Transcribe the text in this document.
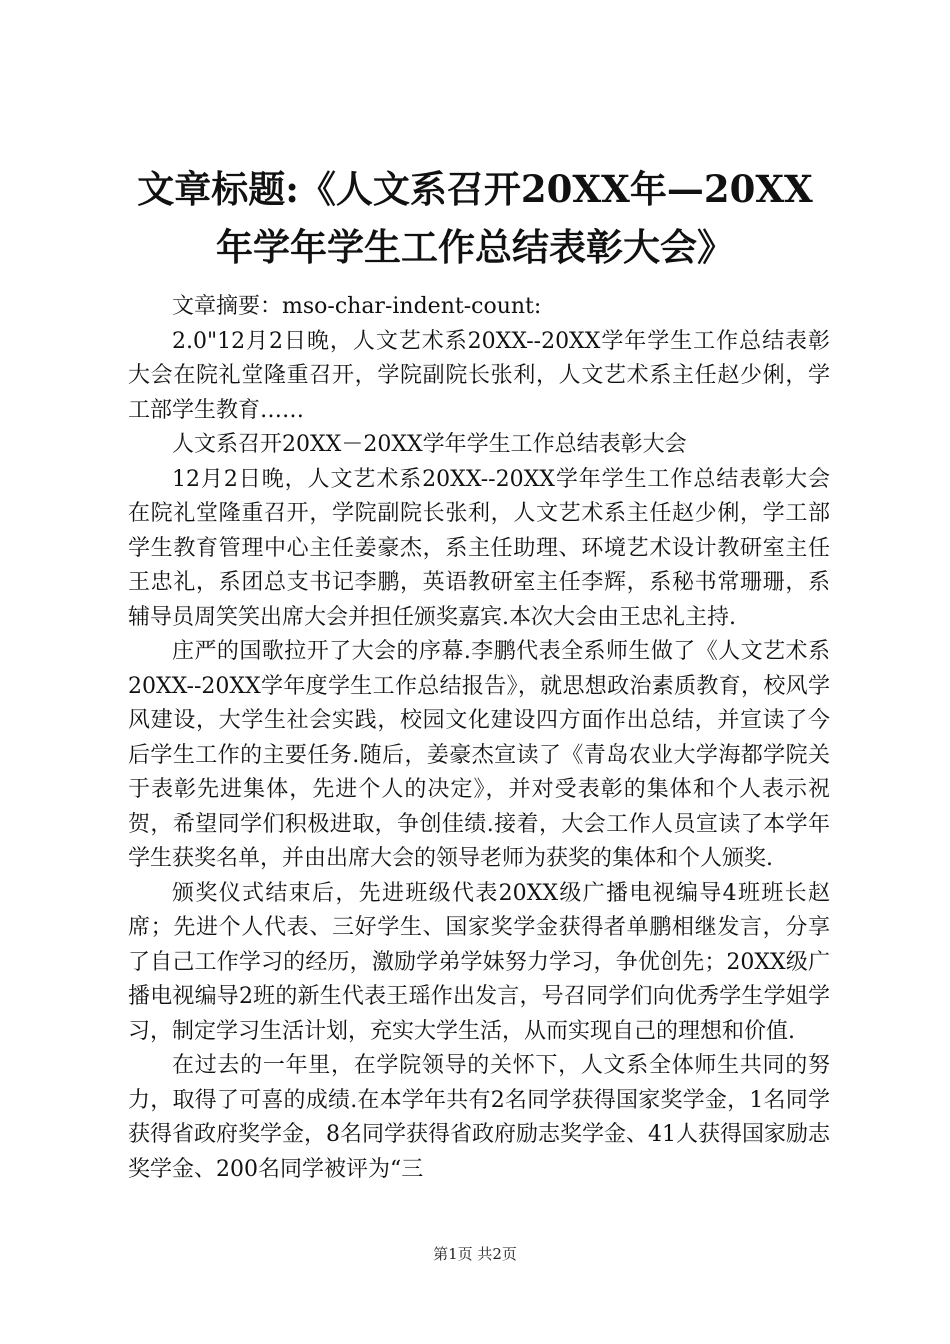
文章标题:《人文系召开20XX年—20XX年学年学生工作总结表彰大会》

文章摘要：mso-char-indent-count:

2.0"12月2日晚，人文艺术系20XX--20XX学年学生工作总结表彰大会在院礼堂隆重召开，学院副院长张利，人文艺术系主任赵少俐，学工部学生教育……

人文系召开20XX－20XX学年学生工作总结表彰大会

12月2日晚，人文艺术系20XX--20XX学年学生工作总结表彰大会在院礼堂隆重召开，学院副院长张利，人文艺术系主任赵少俐，学工部学生教育管理中心主任姜豪杰，系主任助理、环境艺术设计教研室主任王忠礼，系团总支书记李鹏，英语教研室主任李辉，系秘书常珊珊，系辅导员周笑笑出席大会并担任颁奖嘉宾.本次大会由王忠礼主持.

庄严的国歌拉开了大会的序幕.李鹏代表全系师生做了《人文艺术系20XX--20XX学年度学生工作总结报告》，就思想政治素质教育，校风学风建设，大学生社会实践，校园文化建设四方面作出总结，并宣读了今后学生工作的主要任务.随后，姜豪杰宣读了《青岛农业大学海都学院关于表彰先进集体，先进个人的决定》，并对受表彰的集体和个人表示祝贺，希望同学们积极进取，争创佳绩.接着，大会工作人员宣读了本学年学生获奖名单，并由出席大会的领导老师为获奖的集体和个人颁奖.

颁奖仪式结束后，先进班级代表20XX级广播电视编导4班班长赵席；先进个人代表、三好学生、国家奖学金获得者单鹏相继发言，分享了自己工作学习的经历，激励学弟学妹努力学习，争优创先；20XX级广播电视编导2班的新生代表王瑶作出发言，号召同学们向优秀学生学姐学习，制定学习生活计划，充实大学生活，从而实现自己的理想和价值.

在过去的一年里，在学院领导的关怀下，人文系全体师生共同的努力，取得了可喜的成绩.在本学年共有2名同学获得国家奖学金，1名同学获得省政府奖学金，8名同学获得省政府励志奖学金、41人获得国家励志奖学金、200名同学被评为“三

第1页 共2页
